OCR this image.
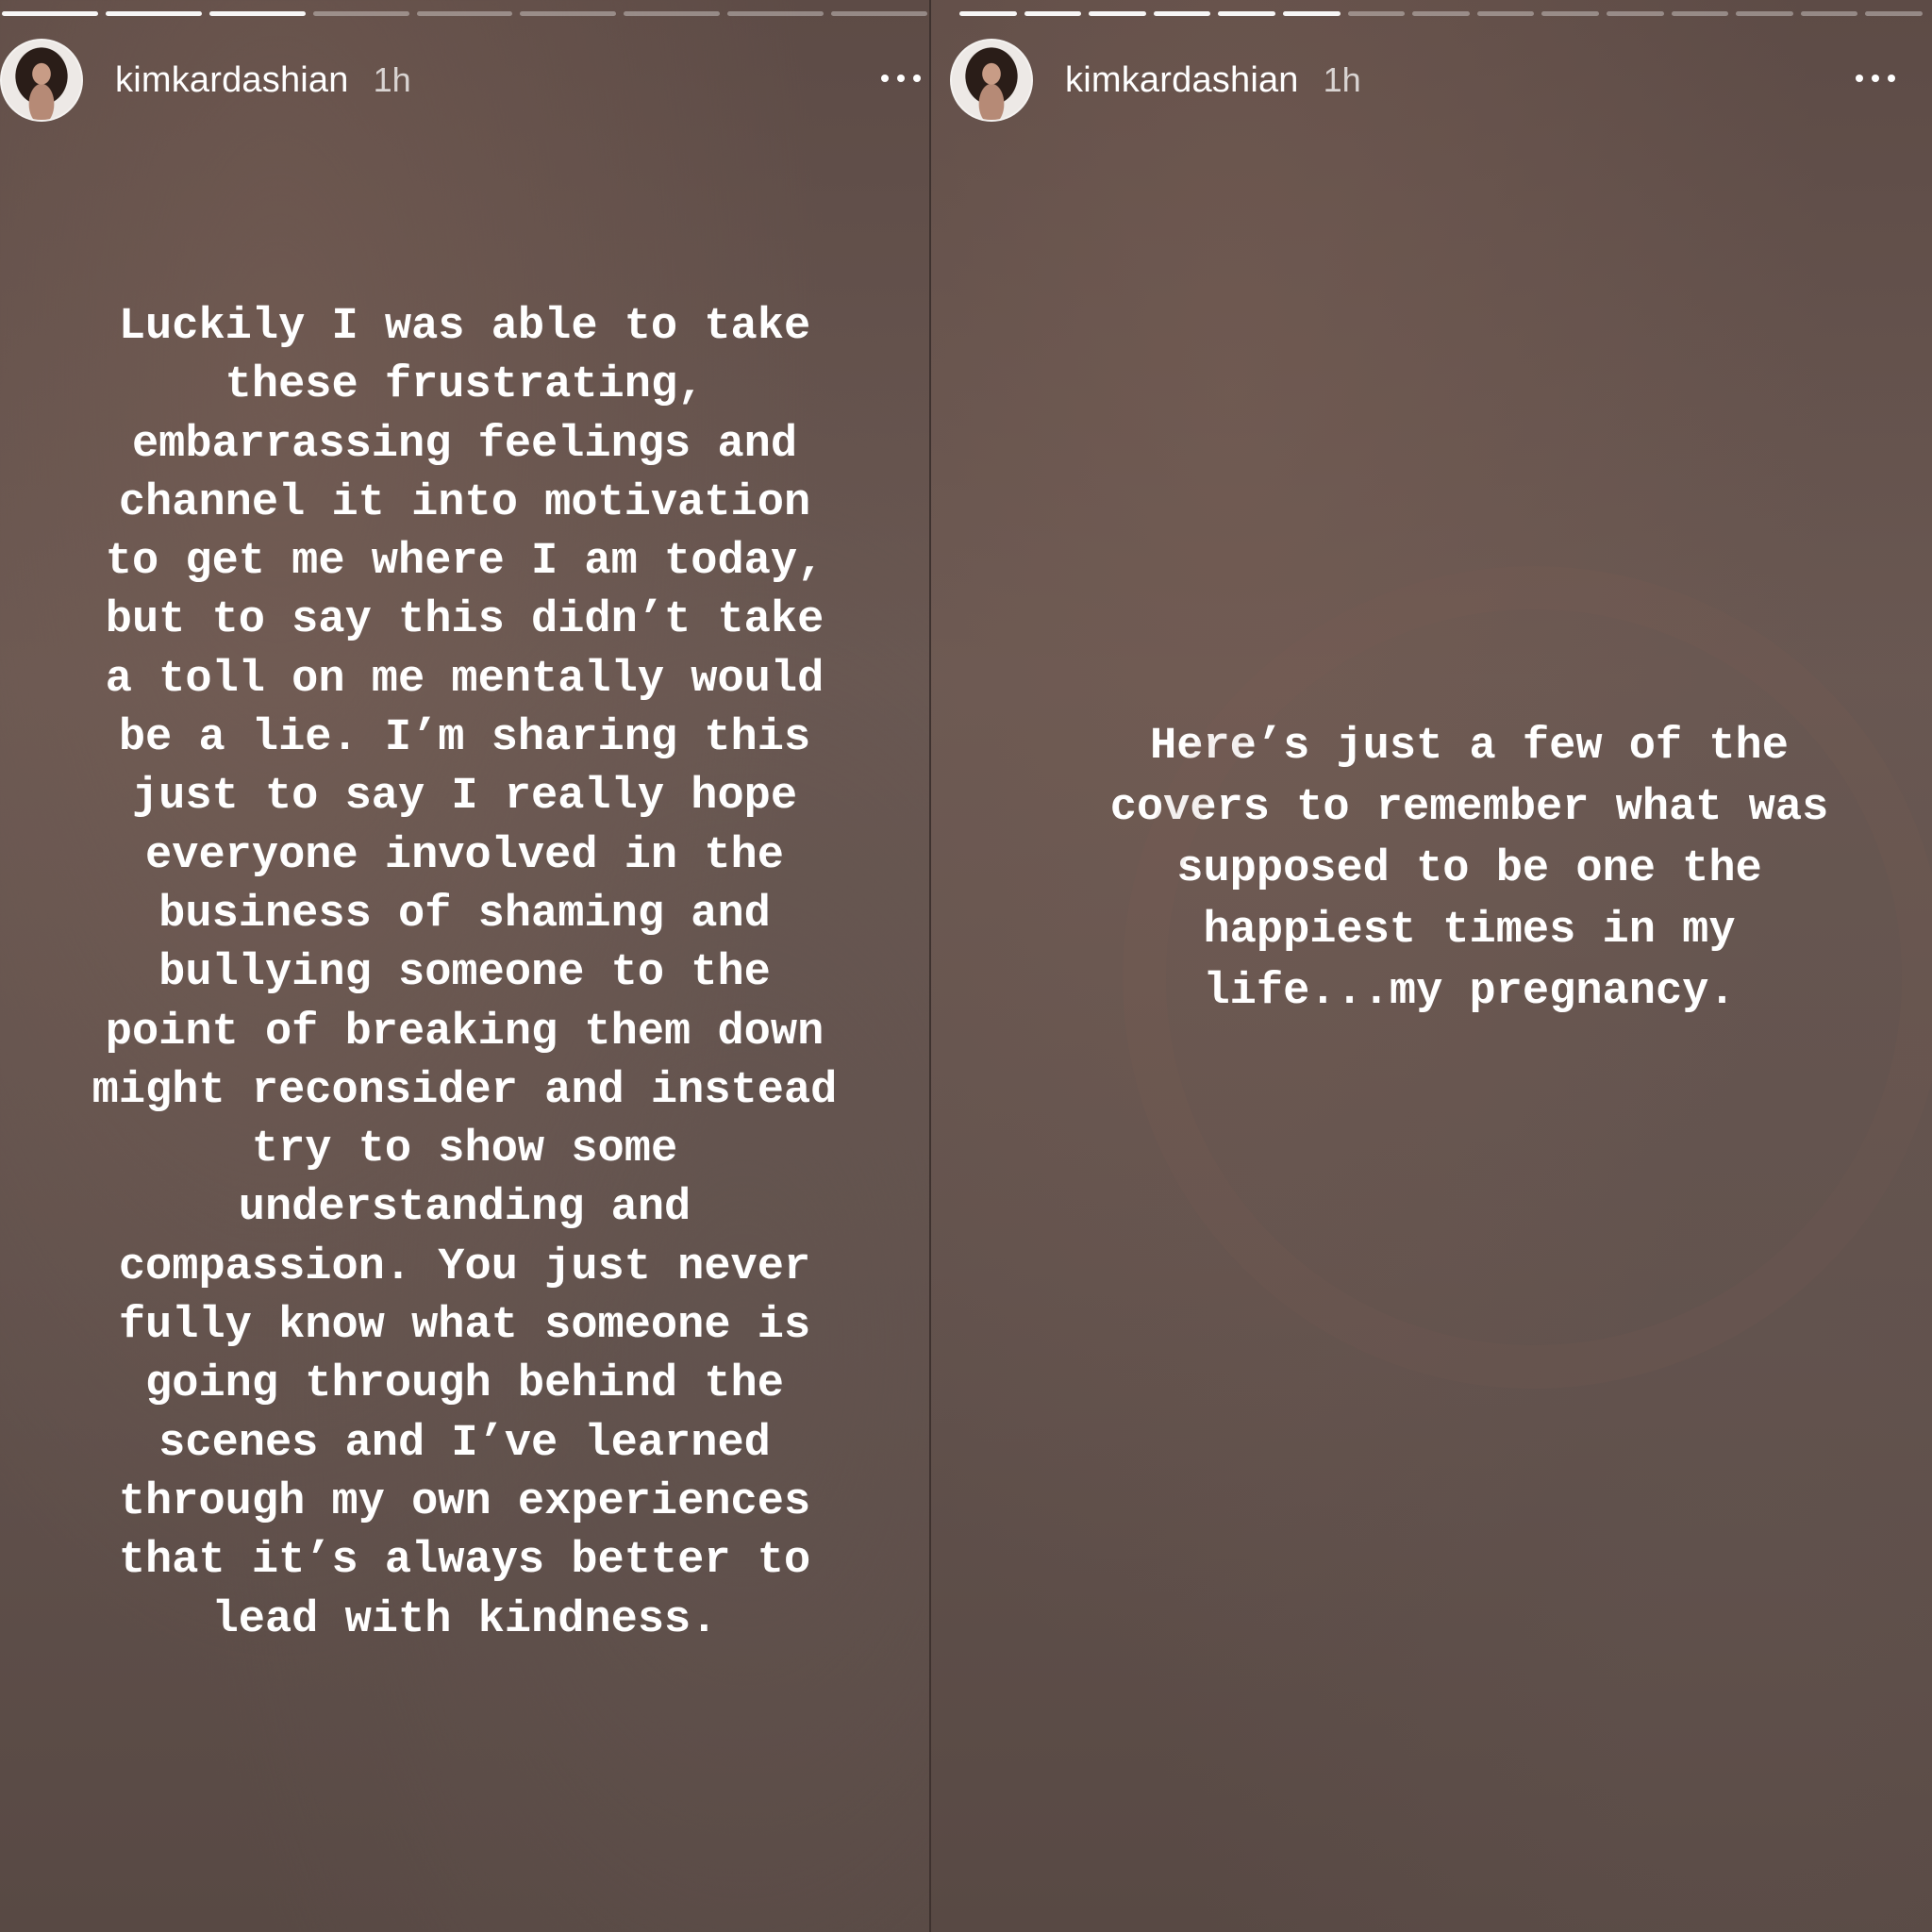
kimkardashian 1h
Luckily I was able to take
these frustrating,
embarrassing feelings and
channel it into motivation
to get me where I am today,
but to say this didn’t take
a toll on me mentally would
be a lie. I’m sharing this
just to say I really hope
everyone involved in the
business of shaming and
bullying someone to the
point of breaking them down
might reconsider and instead
try to show some
understanding and
compassion. You just never
fully know what someone is
going through behind the
scenes and I’ve learned
through my own experiences
that it’s always better to
lead with kindness.
kimkardashian 1h
Here’s just a few of the
covers to remember what was
supposed to be one the
happiest times in my
life...my pregnancy.
